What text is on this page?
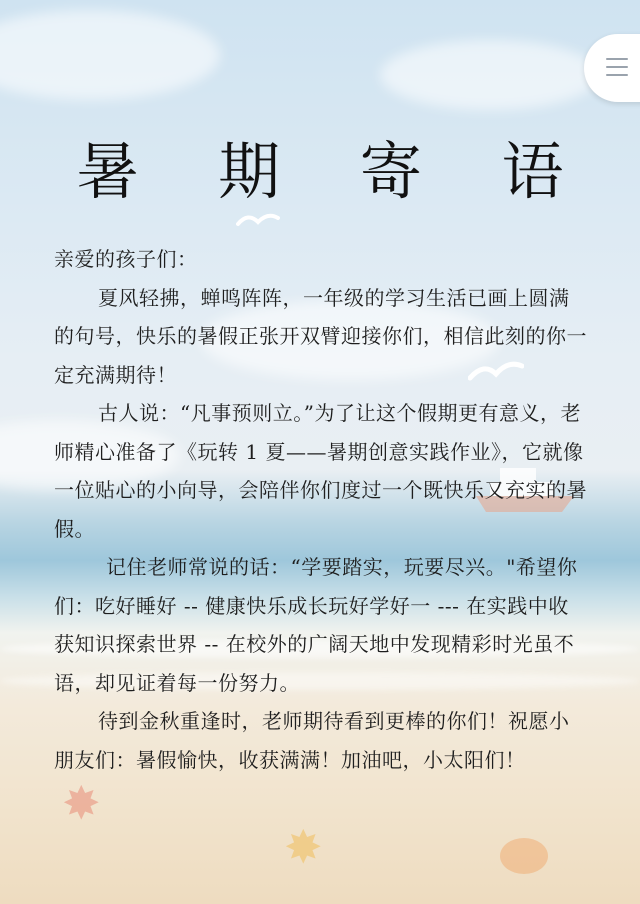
✸
✸
暑 期 寄 语

亲爱的孩子们：

夏风轻拂，蝉鸣阵阵，一年级的学习生活已画上圆满的句号，快乐的暑假正张开双臂迎接你们，相信此刻的你一定充满期待！

古人说：“凡事预则立。”为了让这个假期更有意义，老师精心准备了《玩转 1 夏——暑期创意实践作业》，它就像一位贴心的小向导，会陪伴你们度过一个既快乐又充实的暑假。

记住老师常说的话：“学要踏实，玩要尽兴。"希望你们：吃好睡好 -- 健康快乐成长玩好学好一 --- 在实践中收获知识探索世界 -- 在校外的广阔天地中发现精彩时光虽不语，却见证着每一份努力。

待到金秋重逢时，老师期待看到更棒的你们！祝愿小朋友们：暑假愉快，收获满满！加油吧，小太阳们！
